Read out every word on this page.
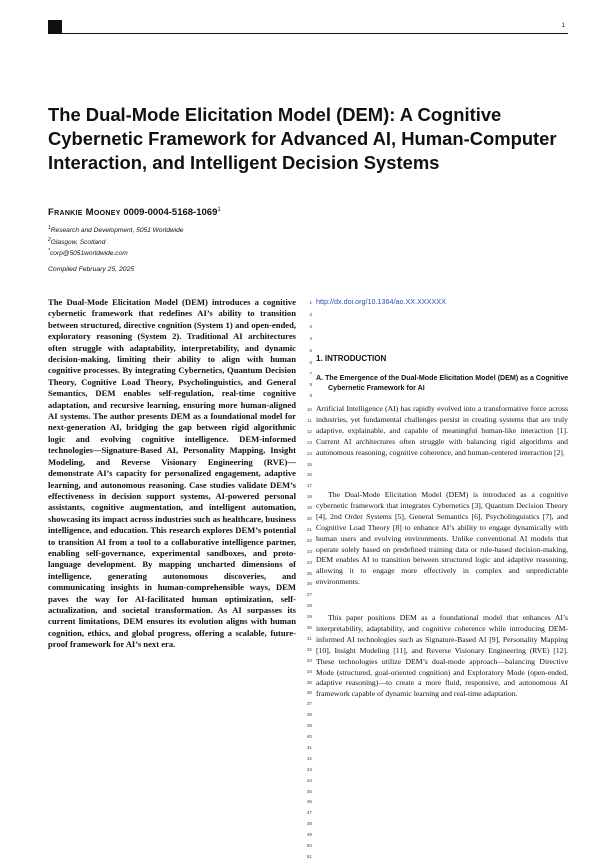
1
The Dual-Mode Elicitation Model (DEM): A Cognitive Cybernetic Framework for Advanced AI, Human-Computer Interaction, and Intelligent Decision Systems
Frankie Mooney 0009-0004-5168-1069$^1$
$^1$Research and Development, 5051 Worldwide
$^2$Glasgow, Scotland
*corp@5051worldwide.com
Compiled February 25, 2025

The Dual-Mode Elicitation Model (DEM) introduces a cognitive cybernetic framework that redefines AI’s ability to transition between structured, directive cognition (System 1) and open-ended, exploratory reasoning (System 2). Traditional AI architectures often struggle with adaptability, interpretability, and dynamic decision-making, limiting their ability to align with human cognitive processes. By integrating Cybernetics, Quantum Decision Theory, Cognitive Load Theory, Psycholinguistics, and General Semantics, DEM enables self-regulation, real-time cognitive adaptation, and recursive learning, ensuring more human-aligned AI systems. The author presents DEM as a foundational model for next-generation AI, bridging the gap between rigid algorithmic logic and evolving cognitive intelligence. DEM-informed technologies—Signature-Based AI, Personality Mapping, Insight Modeling, and Reverse Visionary Engineering (RVE)—demonstrate AI’s capacity for personalized engagement, adaptive learning, and autonomous reasoning. Case studies validate DEM’s effectiveness in decision support systems, AI-powered personal assistants, cognitive augmentation, and intelligent automation, showcasing its impact across industries such as healthcare, business intelligence, and education. This research explores DEM’s potential to transition AI from a tool to a collaborative intelligence partner, enabling self-governance, experimental sandboxes, and proto-language development. By mapping uncharted dimensions of intelligence, generating autonomous discoveries, and communicating insights in human-comprehensible ways, DEM paves the way for AI-facilitated human optimization, self-actualization, and societal transformation. As AI surpasses its current limitations, DEM ensures its evolution aligns with human cognition, ethics, and global progress, offering a scalable, future-proof framework for AI’s next era.

1
2
3
4
5
6
7
8
9
10
11
12
13
14
15
16
17
18
19
20
21
22
23
24
25
26
27
28
29
30
31
32
33
34
35
36
37
38
39
40
41
42
43
44
45
46
47
48
49
50
51
http://dx.doi.org/10.1364/ao.XX.XXXXXX
1. INTRODUCTION

A. The Emergence of the Dual-Mode Elicitation Model (DEM) as a Cognitive Cybernetic Framework for AI

Artificial Intelligence (AI) has rapidly evolved into a transformative force across industries, yet fundamental challenges persist in creating systems that are truly adaptive, explainable, and capable of meaningful human-like interaction [1]. Current AI architectures often struggle with balancing rigid algorithms and autonomous reasoning, cognitive coherence, and human-centered interaction [2].

The Dual-Mode Elicitation Model (DEM) is introduced as a cognitive cybernetic framework that integrates Cybernetics [3], Quantum Decision Theory [4], 2nd Order Systems [5], General Semantics [6], Psycholinguistics [7], and Cognitive Load Theory [8] to enhance AI’s ability to engage dynamically with human users and evolving environments. Unlike conventional AI models that operate solely based on predefined training data or rule-based decision-making, DEM enables AI to transition between structured logic and adaptive reasoning, allowing it to engage more effectively in complex and unpredictable environments.

This paper positions DEM as a foundational model that enhances AI’s interpretability, adaptability, and cognitive coherence while introducing DEM-informed AI technologies such as Signature-Based AI [9], Personality Mapping [10], Insight Modeling [11], and Reverse Visionary Engineering (RVE) [12]. These technologies utilize DEM’s dual-mode approach—balancing Directive Mode (structured, goal-oriented cognition) and Exploratory Mode (open-ended, adaptive reasoning)—to create a more fluid, responsive, and autonomous AI framework capable of dynamic learning and real-time adaptation.
